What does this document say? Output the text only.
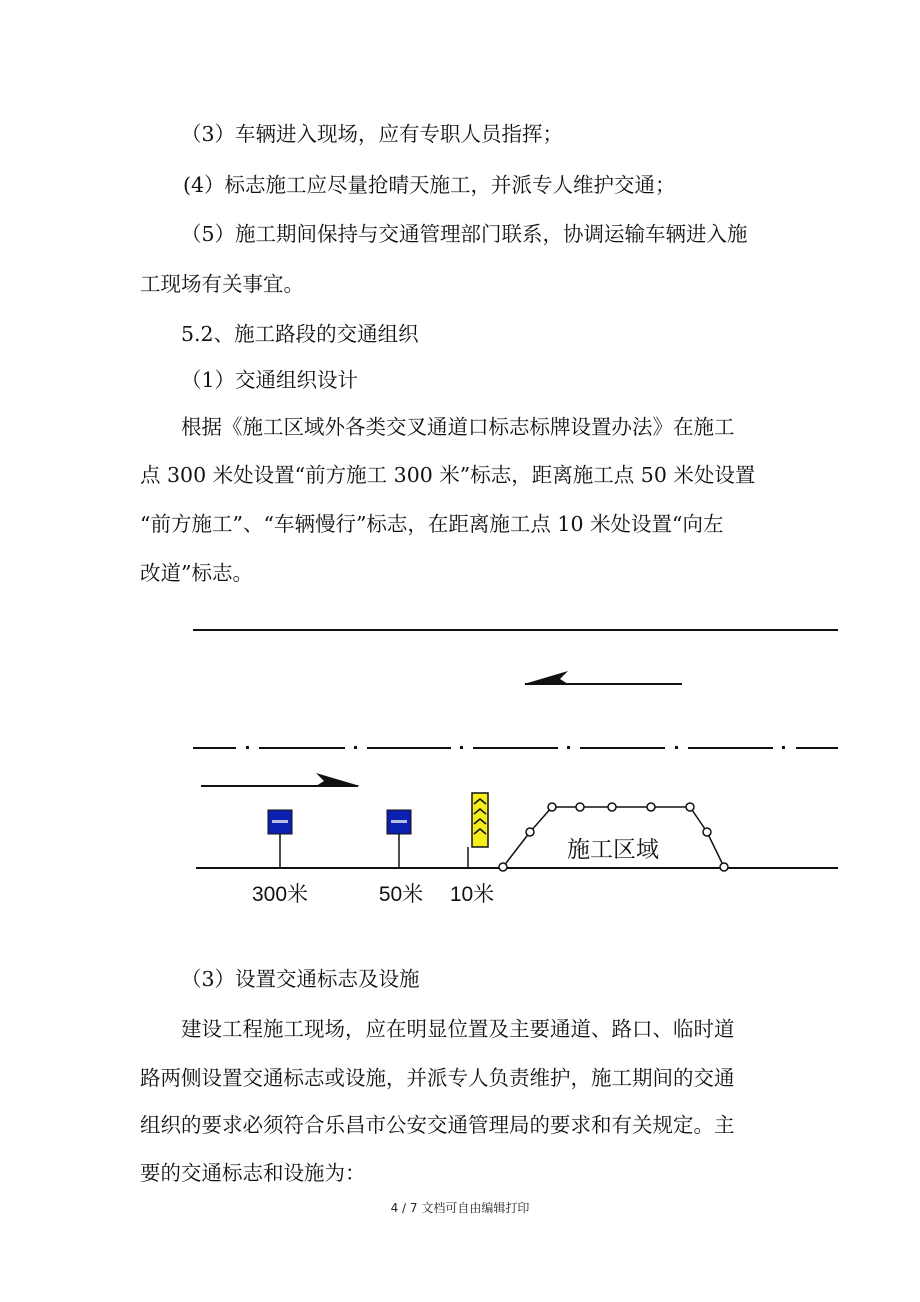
（3）车辆进入现场，应有专职人员指挥；
(4）标志施工应尽量抢晴天施工，并派专人维护交通；
（5）施工期间保持与交通管理部门联系，协调运输车辆进入施
工现场有关事宜。
5.2、施工路段的交通组织
（1）交通组织设计
根据《施工区域外各类交叉通道口标志标牌设置办法》在施工
点 300 米处设置“前方施工 300 米”标志，距离施工点 50 米处设置
“前方施工”、“车辆慢行”标志，在距离施工点 10 米处设置“向左
改道”标志。
施工区域
300米	50米 10米
（3）设置交通标志及设施
建设工程施工现场，应在明显位置及主要通道、路口、临时道
路两侧设置交通标志或设施，并派专人负责维护，施工期间的交通
组织的要求必须符合乐昌市公安交通管理局的要求和有关规定。主
要的交通标志和设施为：
4 / 7 文档可自由编辑打印
